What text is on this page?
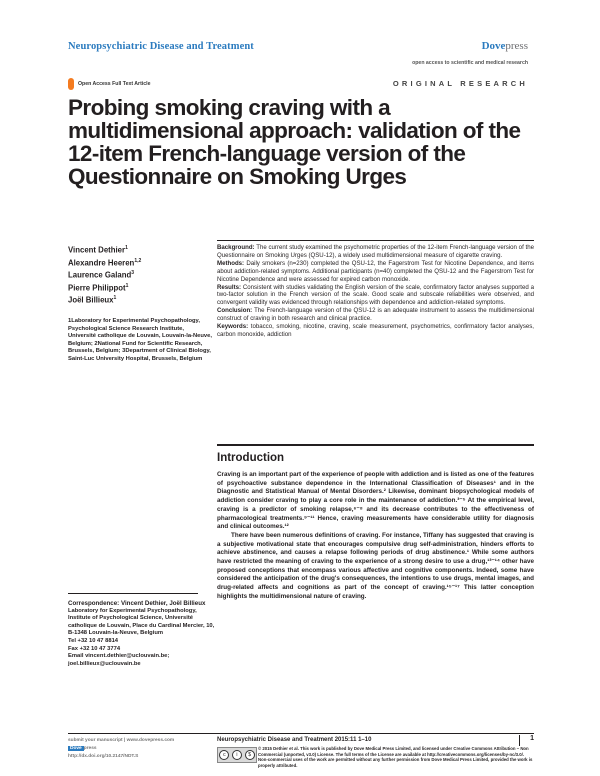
Neuropsychiatric Disease and Treatment	Dovepress
open access to scientific and medical research
Open Access Full Text Article	ORIGINAL RESEARCH
Probing smoking craving with a multidimensional approach: validation of the 12-item French-language version of the Questionnaire on Smoking Urges
Vincent Dethier$^1$
Alexandre Heeren$^{1,2}$
Laurence Galand$^3$
Pierre Philippot$^1$
Joël Billieux$^1$
1Laboratory for Experimental Psychopathology, Psychological Science Research Institute, Université catholique de Louvain, Louvain-la-Neuve, Belgium; 2National Fund for Scientific Research, Brussels, Belgium; 3Department of Clinical Biology, Saint-Luc University Hospital, Brussels, Belgium
Correspondence: Vincent Dethier, Joël Billieux
Laboratory for Experimental Psychopathology, Institute of Psychological Science, Université catholique de Louvain, Place du Cardinal Mercier, 10, B-1348 Louvain-la-Neuve, Belgium
Tel +32 10 47 8814
Fax +32 10 47 3774
Email vincent.dethier@uclouvain.be; joel.billieux@uclouvain.be

Background: The current study examined the psychometric properties of the 12-item French-language version of the Questionnaire on Smoking Urges (QSU-12), a widely used multidimensional measure of cigarette craving.

Methods: Daily smokers (n=230) completed the QSU-12, the Fagerstrom Test for Nicotine Dependence, and items about addiction-related symptoms. Additional participants (n=40) completed the QSU-12 and the Fagerstrom Test for Nicotine Dependence and were assessed for expired carbon monoxide.

Results: Consistent with studies validating the English version of the scale, confirmatory factor analyses supported a two-factor solution in the French version of the scale. Good scale and subscale reliabilities were observed, and convergent validity was evidenced through relationships with dependence and addiction-related symptoms.

Conclusion: The French-language version of the QSU-12 is an adequate instrument to assess the multidimensional construct of craving in both research and clinical practice.

Keywords: tobacco, smoking, nicotine, craving, scale measurement, psychometrics, confirmatory factor analyses, carbon monoxide, addiction

Introduction

Craving is an important part of the experience of people with addiction and is listed as one of the features of psychoactive substance dependence in the International Classification of Diseases¹ and in the Diagnostic and Statistical Manual of Mental Disorders.² Likewise, dominant biopsychological models of addiction consider craving to play a core role in the maintenance of addiction.³⁻⁵ At the empirical level, craving is a predictor of smoking relapse,⁶⁻⁸ and its decrease contributes to the effectiveness of pharmacological treatments.⁹⁻¹¹ Hence, craving measurements have considerable utility for diagnosis and clinical outcomes.¹²

There have been numerous definitions of craving. For instance, Tiffany has suggested that craving is a subjective motivational state that encourages compulsive drug self-administration, hinders efforts to achieve abstinence, and causes a relapse following periods of drug abstinence.¹ While some authors have restricted the meaning of craving to the experience of a strong desire to use a drug,¹³⁻¹⁴ other have proposed conceptions that encompass various affective and cognitive components. Indeed, some have considered the anticipation of the drug's consequences, the intentions to use drugs, mental images, and drug-related affects and cognitions as part of the concept of craving.¹⁵⁻¹⁷ This latter conception highlights the multidimensional nature of craving.

submit your manuscript | www.dovepress.com
Dove press
http://dx.doi.org/10.2147/NDT.S
Neuropsychiatric Disease and Treatment 2015:11 1–10	1
c	i	$
© 2015 Dethier et al. This work is published by Dove Medical Press Limited, and licensed under Creative Commons Attribution – Non Commercial (unported, v3.0) License. The full terms of the License are available at http://creativecommons.org/licenses/by-nc/3.0/. Non-commercial uses of the work are permitted without any further permission from Dove Medical Press Limited, provided the work is properly attributed.
